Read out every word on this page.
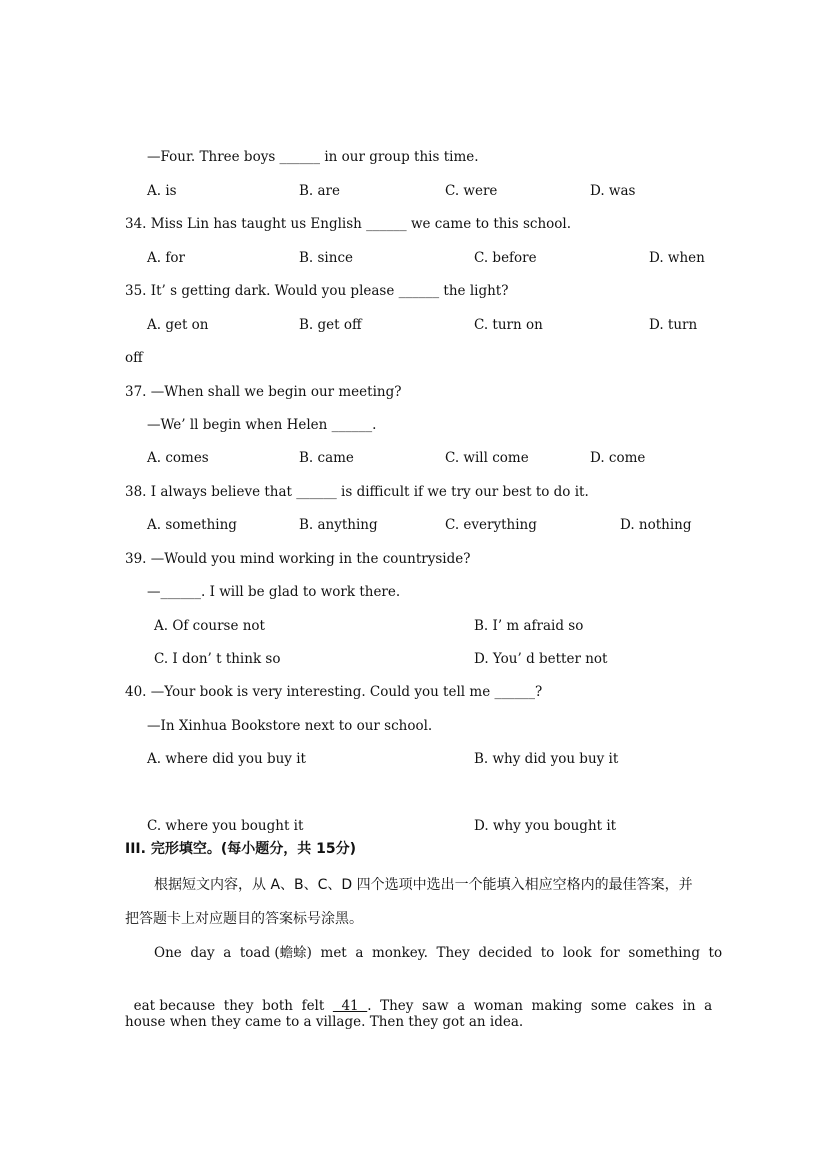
—Four. Three boys ______ in our group this time.
A. is	B. are	C. were	D. was
34. Miss Lin has taught us English ______ we came to this school.
A. for	B. since	C. before	D. when
35. It’ s getting dark. Would you please ______ the light?
A. get on	B. get off	C. turn on	D. turn
off
37. —When shall we begin our meeting?
—We’ ll begin when Helen ______.
A. comes	B. came	C. will come	D. come
38. I always believe that ______ is difficult if we try our best to do it.
A. something	B. anything	C. everything	D. nothing
39. —Would you mind working in the countryside?
—______. I will be glad to work there.
A. Of course not	B. I’ m afraid so
C. I don’ t think so	D. You’ d better not
40. —Your book is very interesting. Could you tell me ______?
—In Xinhua Bookstore next to our school.
A. where did you buy it	B. why did you buy it
C. where you bought it	D. why you bought it
III. 完形填空。(每小题分，共 15分)
根据短文内容，从 A、B、C、D 四个选项中选出一个能填入相应空格内的最佳答案，并
把答题卡上对应题目的答案标号涂黑。
One  day  a  toad (蟾蜍)  met  a  monkey.  They  decided  to  look  for  something  to

eat because  they  both  felt    41  .  They  saw  a  woman  making  some  cakes  in  a

house when they came to a village. Then they got an idea.
